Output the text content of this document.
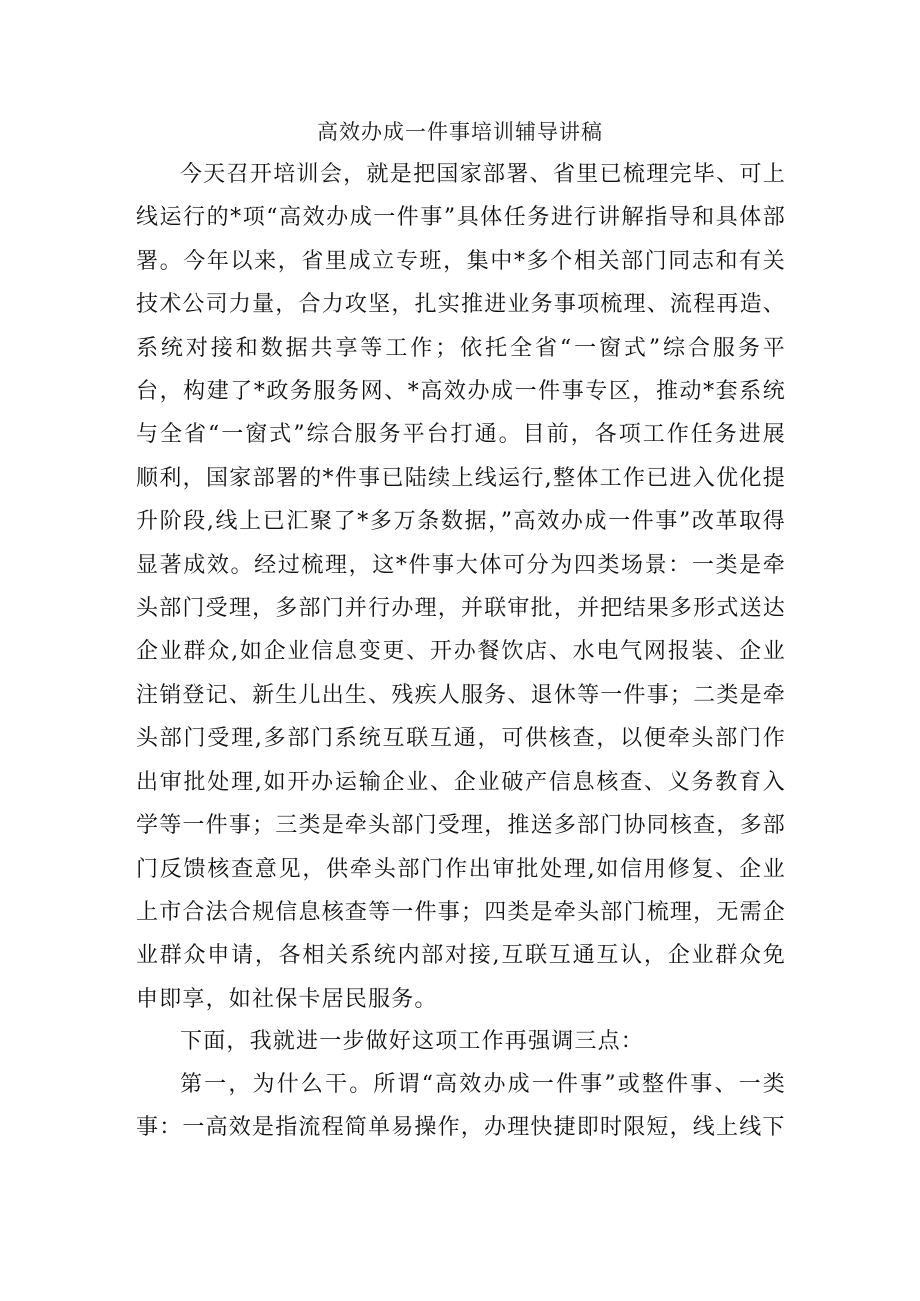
高效办成一件事培训辅导讲稿

今天召开培训会，就是把国家部署、省里已梳理完毕、可上线运行的*项“高效办成一件事”具体任务进行讲解指导和具体部署。今年以来，省里成立专班，集中*多个相关部门同志和有关技术公司力量，合力攻坚，扎实推进业务事项梳理、流程再造、系统对接和数据共享等工作；依托全省“一窗式”综合服务平台，构建了*政务服务网、*高效办成一件事专区，推动*套系统与全省“一窗式”综合服务平台打通。目前，各项工作任务进展顺利，国家部署的*件事已陆续上线运行,整体工作已进入优化提升阶段,线上已汇聚了*多万条数据，”高效办成一件事”改革取得显著成效。经过梳理，这*件事大体可分为四类场景：一类是牵头部门受理，多部门并行办理，并联审批，并把结果多形式送达企业群众,如企业信息变更、开办餐饮店、水电气网报装、企业注销登记、新生儿出生、残疾人服务、退休等一件事；二类是牵头部门受理,多部门系统互联互通，可供核查，以便牵头部门作出审批处理,如开办运输企业、企业破产信息核查、义务教育入学等一件事；三类是牵头部门受理，推送多部门协同核查，多部门反馈核查意见，供牵头部门作出审批处理,如信用修复、企业上市合法合规信息核查等一件事；四类是牵头部门梳理，无需企业群众申请，各相关系统内部对接,互联互通互认，企业群众免申即享，如社保卡居民服务。

下面，我就进一步做好这项工作再强调三点：

第一，为什么干。所谓“高效办成一件事”或整件事、一类事：一高效是指流程简单易操作，办理快捷即时限短，线上线下
